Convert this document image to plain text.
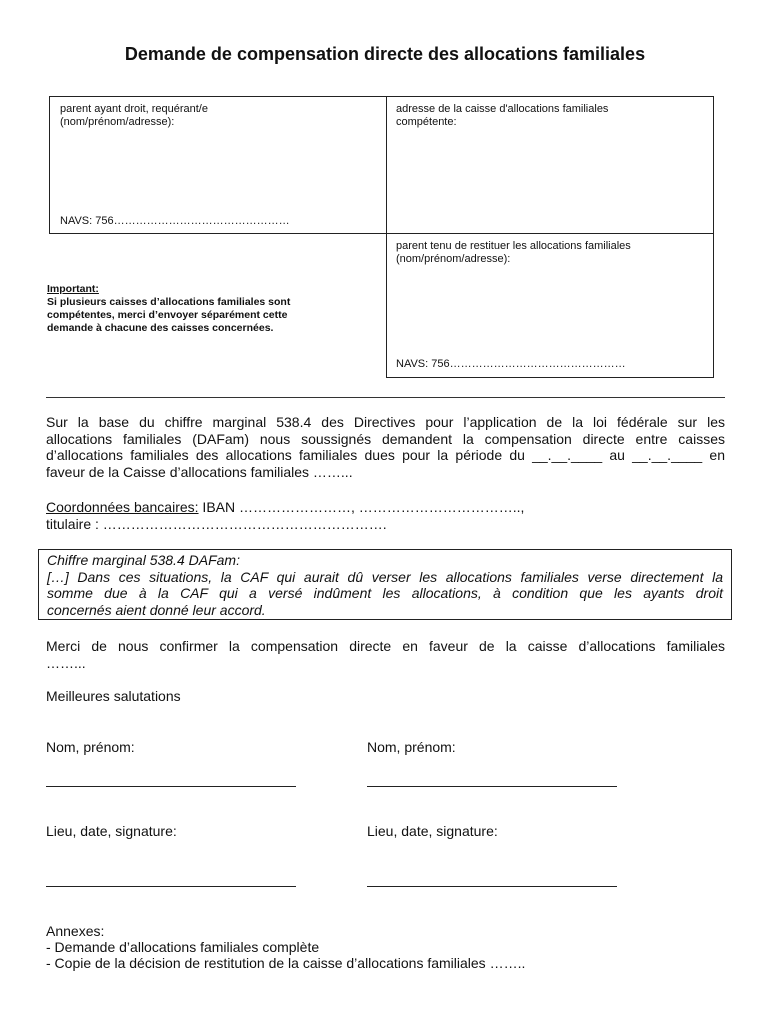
Demande de compensation directe des allocations familiales
parent ayant droit, requérant/e
(nom/prénom/adresse):
NAVS: 756…………………………………………
adresse de la caisse d'allocations familiales
compétente:
parent tenu de restituer les allocations familiales
(nom/prénom/adresse):
NAVS: 756…………………………………………
Important:
Si plusieurs caisses d’allocations familiales sont
compétentes, merci d’envoyer séparément cette
demande à chacune des caisses concernées.
Sur la base du chiffre marginal 538.4 des Directives pour l’application de la loi fédérale sur les
allocations familiales (DAFam) nous soussignés demandent la compensation directe entre caisses
d’allocations familiales des allocations familiales dues pour la période du __.__.____ au __.__.____ en
faveur de la Caisse d’allocations familiales ……...
Coordonnées bancaires: IBAN ……………………, ……………………………..,
titulaire : …………………………………………………….
Chiffre marginal 538.4 DAFam:
[…] Dans ces situations, la CAF qui aurait dû verser les allocations familiales verse directement la
somme due à la CAF qui a versé indûment les allocations, à condition que les ayants droit
concernés aient donné leur accord.
Merci de nous confirmer la compensation directe en faveur de la caisse d’allocations familiales
……...
Meilleures salutations
Nom, prénom:	Nom, prénom:
Lieu, date, signature:	Lieu, date, signature:
Annexes:
- Demande d’allocations familiales complète
- Copie de la décision de restitution de la caisse d’allocations familiales ……..
